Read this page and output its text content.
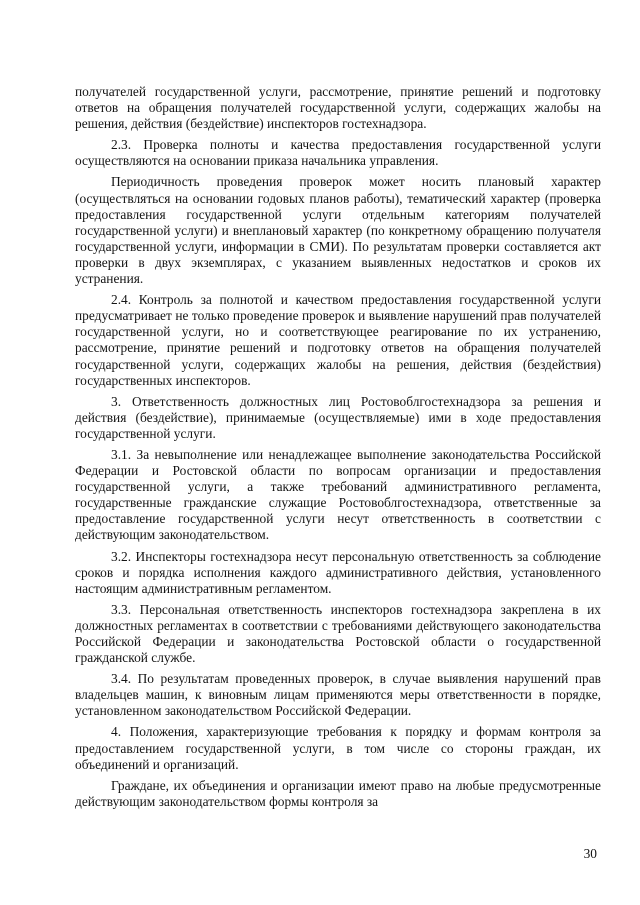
получателей государственной услуги, рассмотрение, принятие решений и подготовку ответов на обращения получателей государственной услуги, содержащих жалобы на решения, действия (бездействие) инспекторов гостехнадзора.

2.3. Проверка полноты и качества предоставления государственной услуги осуществляются на основании приказа начальника управления.

Периодичность проведения проверок может носить плановый характер (осуществляться на основании годовых планов работы), тематический характер (проверка предоставления государственной услуги отдельным категориям получателей государственной услуги) и внеплановый характер (по конкретному обращению получателя государственной услуги, информации в СМИ). По результатам проверки составляется акт проверки в двух экземплярах, с указанием выявленных недостатков и сроков их устранения.

2.4. Контроль за полнотой и качеством предоставления государственной услуги предусматривает не только проведение проверок и выявление нарушений прав получателей государственной услуги, но и соответствующее реагирование по их устранению, рассмотрение, принятие решений и подготовку ответов на обращения получателей государственной услуги, содержащих жалобы на решения, действия (бездействия) государственных инспекторов.

3. Ответственность должностных лиц Ростовоблгостехнадзора за решения и действия (бездействие), принимаемые (осуществляемые) ими в ходе предоставления государственной услуги.

3.1. За невыполнение или ненадлежащее выполнение законодательства Российской Федерации и Ростовской области по вопросам организации и предоставления государственной услуги, а также требований административного регламента, государственные гражданские служащие Ростовоблгостехнадзора, ответственные за предоставление государственной услуги несут ответственность в соответствии с действующим законодательством.

3.2. Инспекторы гостехнадзора несут персональную ответственность за соблюдение сроков и порядка исполнения каждого административного действия, установленного настоящим административным регламентом.

3.3. Персональная ответственность инспекторов гостехнадзора закреплена в их должностных регламентах в соответствии с требованиями действующего законодательства Российской Федерации и законодательства Ростовской области о государственной гражданской службе.

3.4. По результатам проведенных проверок, в случае выявления нарушений прав владельцев машин, к виновным лицам применяются меры ответственности в порядке, установленном законодательством Российской Федерации.

4. Положения, характеризующие требования к порядку и формам контроля за предоставлением государственной услуги, в том числе со стороны граждан, их объединений и организаций.

Граждане, их объединения и организации имеют право на любые предусмотренные действующим законодательством формы контроля за

30
